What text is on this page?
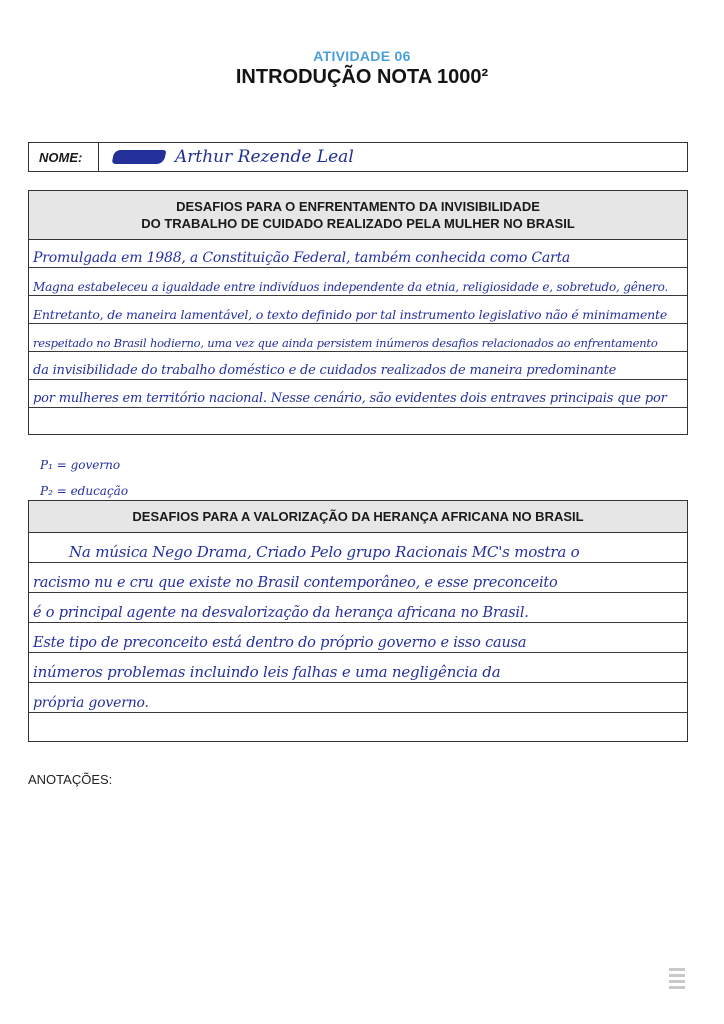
ATIVIDADE 06
INTRODUÇÃO NOTA 1000²
NOME:	Arthur Rezende Leal
DESAFIOS PARA O ENFRENTAMENTO DA INVISIBILIDADE
DO TRABALHO DE CUIDADO REALIZADO PELA MULHER NO BRASIL
Promulgada em 1988, a Constituição Federal, também conhecida como Carta
Magna estabeleceu a igualdade entre indivíduos independente da etnia, religiosidade e, sobretudo, gênero.
Entretanto, de maneira lamentável, o texto definido por tal instrumento legislativo não é minimamente
respeitado no Brasil hodierno, uma vez que ainda persistem inúmeros desafios relacionados ao enfrentamento
da invisibilidade do trabalho doméstico e de cuidados realizados de maneira predominante
por mulheres em território nacional. Nesse cenário, são evidentes dois entraves principais que por
P₁ = governo
P₂ = educação
DESAFIOS PARA A VALORIZAÇÃO DA HERANÇA AFRICANA NO BRASIL
Na música Nego Drama, Criado Pelo grupo Racionais MC's mostra o
racismo nu e cru que existe no Brasil contemporâneo, e esse preconceito
é o principal agente na desvalorização da herança africana no Brasil.
Este tipo de preconceito está dentro do próprio governo e isso causa
inúmeros problemas incluindo leis falhas e uma negligência da
própria governo.
ANOTAÇÕES:
